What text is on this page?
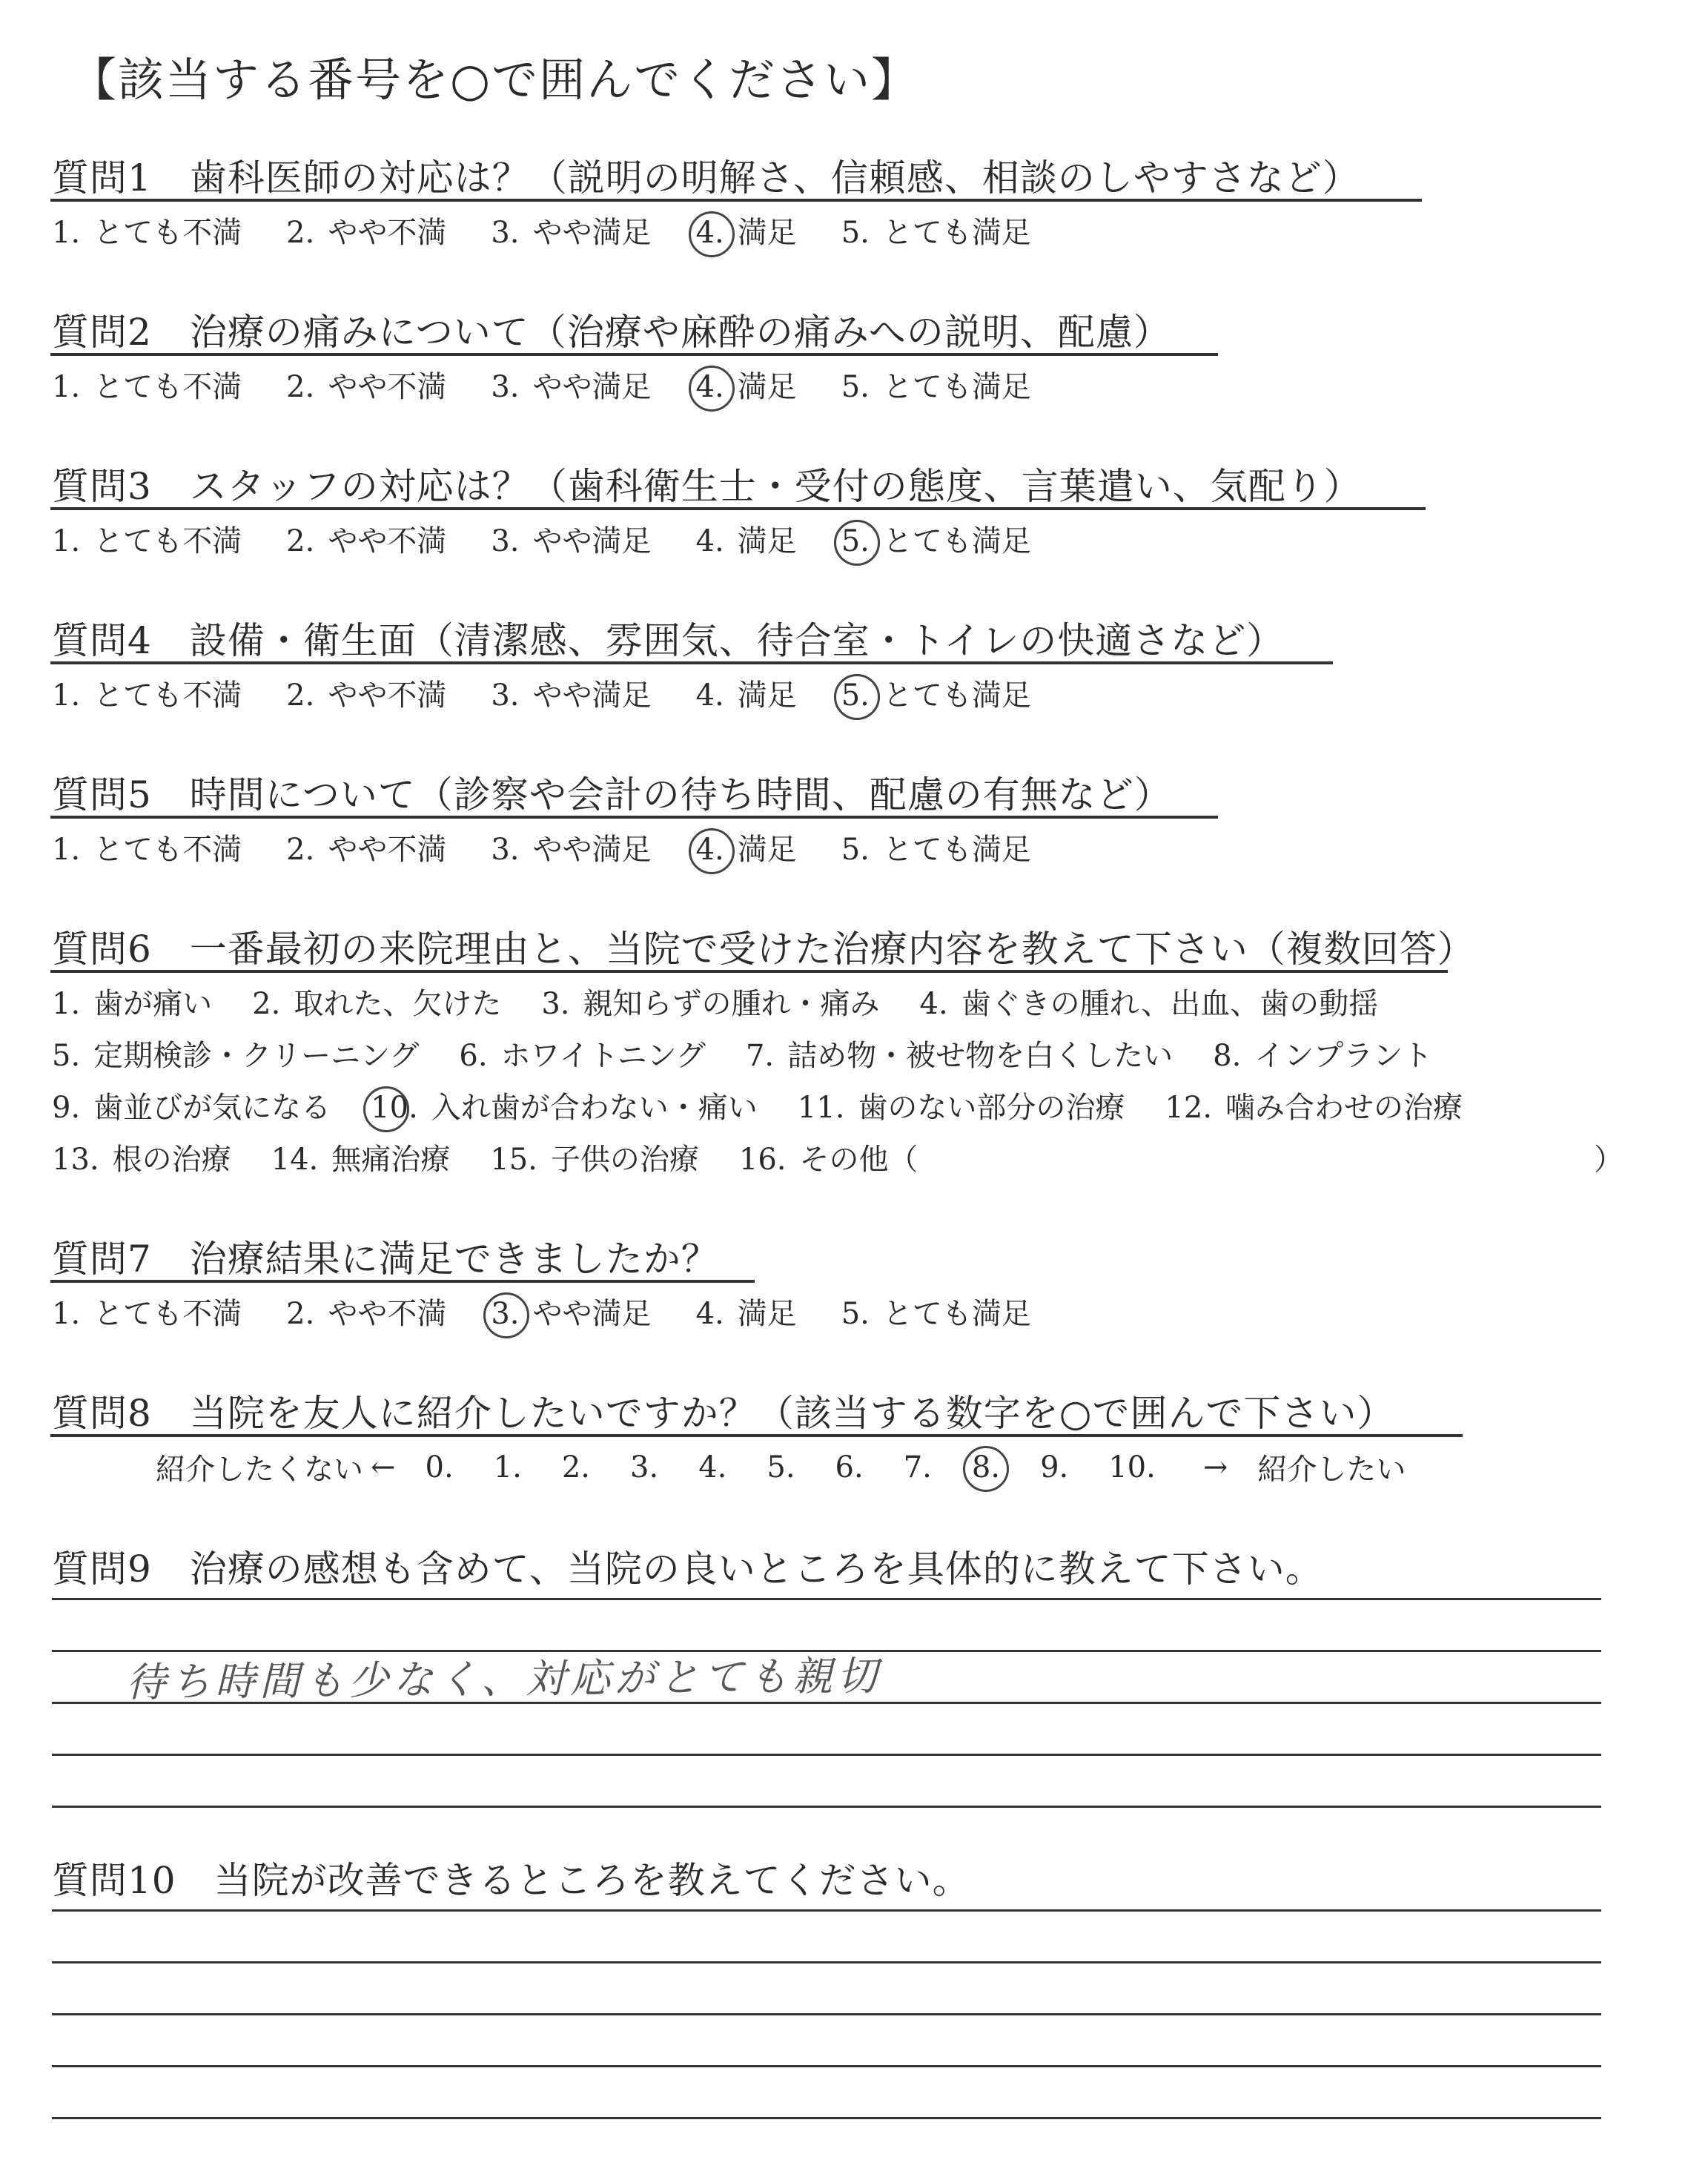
【該当する番号を○で囲んでください】
質問1　歯科医師の対応は？（説明の明解さ、信頼感、相談のしやすさなど）
1. とても不満 2. やや不満 3. やや満足 4. 満足 5. とても満足
質問2　治療の痛みについて（治療や麻酔の痛みへの説明、配慮）
1. とても不満 2. やや不満 3. やや満足 4. 満足 5. とても満足
質問3　スタッフの対応は？（歯科衛生士・受付の態度、言葉遣い、気配り）
1. とても不満 2. やや不満 3. やや満足 4. 満足 5. とても満足
質問4　設備・衛生面（清潔感、雰囲気、待合室・トイレの快適さなど）
1. とても不満 2. やや不満 3. やや満足 4. 満足 5. とても満足
質問5　時間について（診察や会計の待ち時間、配慮の有無など）
1. とても不満 2. やや不満 3. やや満足 4. 満足 5. とても満足
質問6　一番最初の来院理由と、当院で受けた治療内容を教えて下さい（複数回答）
1. 歯が痛い 2. 取れた、欠けた 3. 親知らずの腫れ・痛み 4. 歯ぐきの腫れ、出血、歯の動揺
5. 定期検診・クリーニング 6. ホワイトニング 7. 詰め物・被せ物を白くしたい 8. インプラント
9. 歯並びが気になる 10. 入れ歯が合わない・痛い 11. 歯のない部分の治療 12. 噛み合わせの治療
13. 根の治療 14. 無痛治療 15. 子供の治療 16. その他（	）
質問7　治療結果に満足できましたか？
1. とても不満 2. やや不満 3. やや満足 4. 満足 5. とても満足
質問8　当院を友人に紹介したいですか？（該当する数字を○で囲んで下さい）
紹介したくない ← 0. 1. 2. 3. 4. 5. 6. 7. 8. 9. 10. → 紹介したい
質問9　治療の感想も含めて、当院の良いところを具体的に教えて下さい。
待ち時間も少なく、対応がとても親切
質問10　当院が改善できるところを教えてください。
